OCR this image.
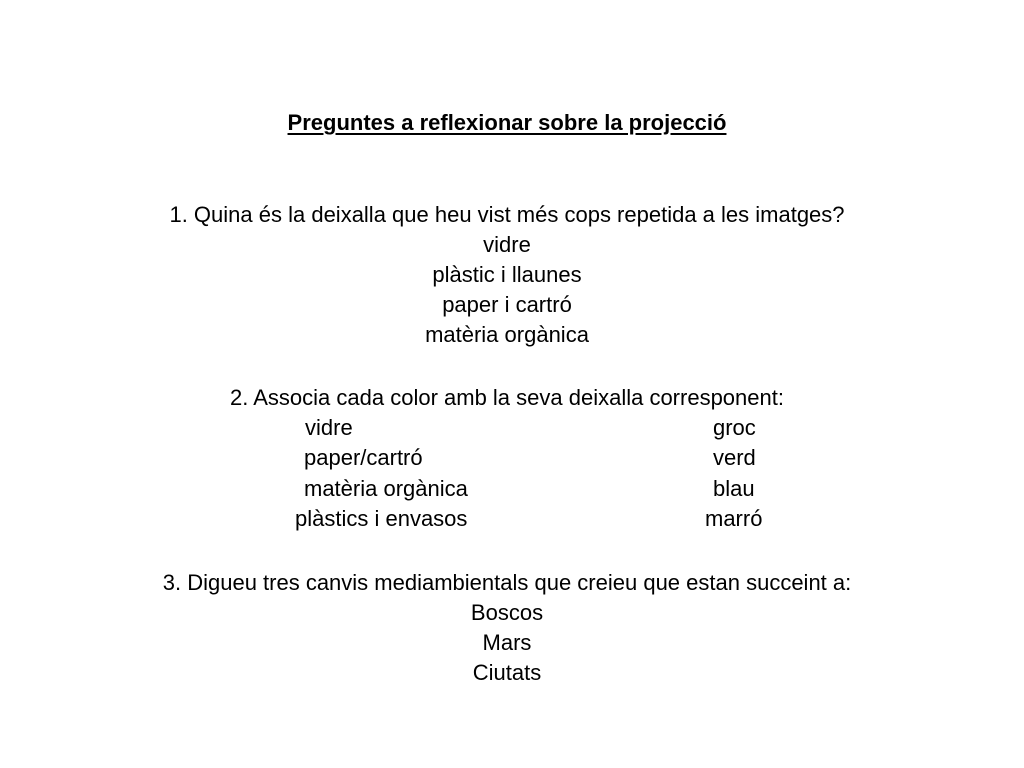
Preguntes a reflexionar sobre la projecció
1. Quina és la deixalla que heu vist més cops repetida a les imatges?
vidre
plàstic i llaunes
paper i cartró
matèria orgànica
2. Associa cada color amb la seva deixalla corresponent:
vidre
paper/cartró
matèria orgànica
plàstics i envasos
groc
verd
blau
marró
3. Digueu tres canvis mediambientals que creieu que estan succeint a:
Boscos
Mars
Ciutats
